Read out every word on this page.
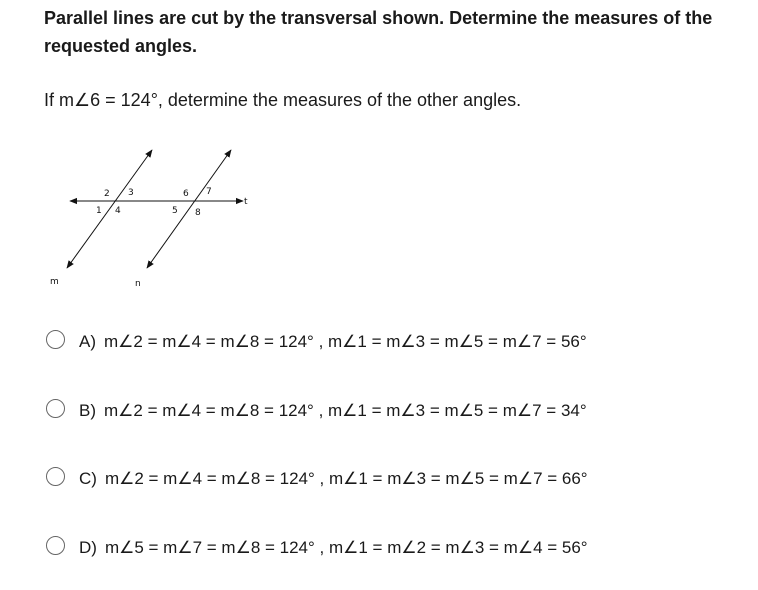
Parallel lines are cut by the transversal shown. Determine the measures of the requested angles.
If m∠6 = 124°, determine the measures of the other angles.
2 3
1 4
6 7
5 8
t
m	n
A) m∠2 = m∠4 = m∠8 = 124° , m∠1 = m∠3 = m∠5 = m∠7 = 56°
B) m∠2 = m∠4 = m∠8 = 124° , m∠1 = m∠3 = m∠5 = m∠7 = 34°
C) m∠2 = m∠4 = m∠8 = 124° , m∠1 = m∠3 = m∠5 = m∠7 = 66°
D) m∠5 = m∠7 = m∠8 = 124° , m∠1 = m∠2 = m∠3 = m∠4 = 56°
